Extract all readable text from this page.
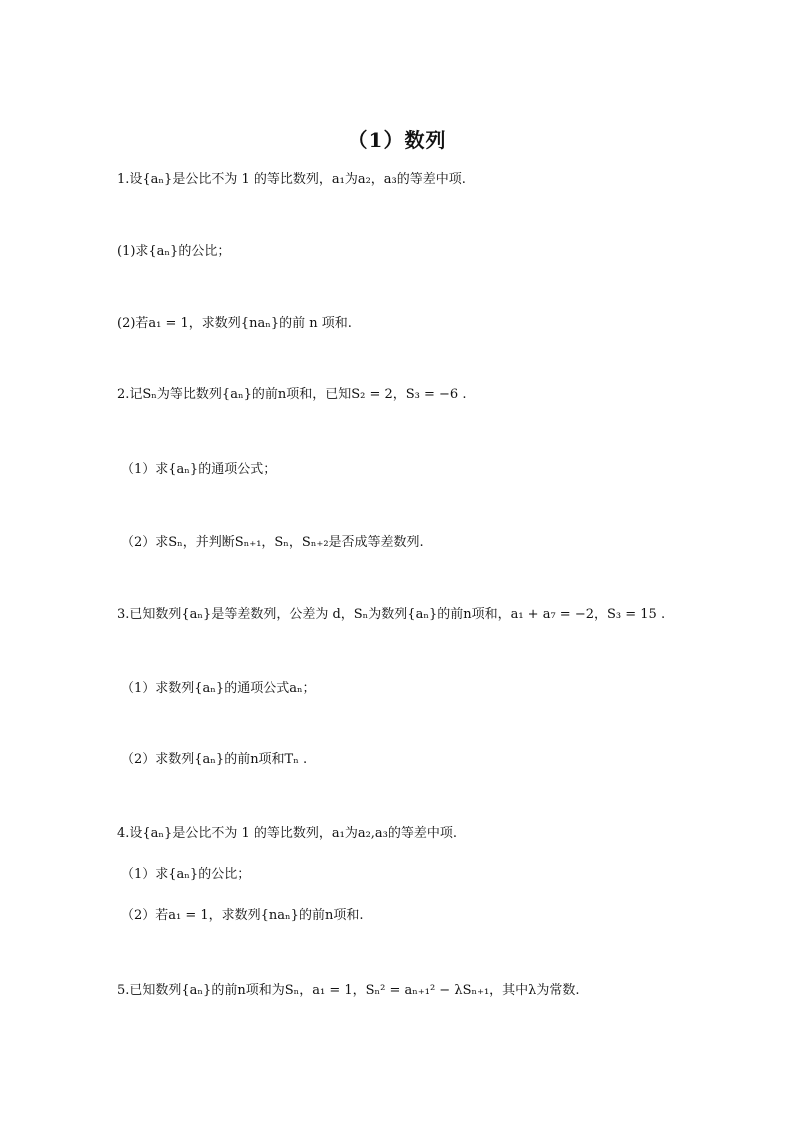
（1）数列
1.设{aₙ}是公比不为 1 的等比数列，a₁为a₂，a₃的等差中项.
(1)求{aₙ}的公比；
(2)若a₁ = 1，求数列{naₙ}的前 n 项和.
2.记Sₙ为等比数列{aₙ}的前n项和，已知S₂ = 2，S₃ = −6 .
（1）求{aₙ}的通项公式；
（2）求Sₙ，并判断Sₙ₊₁，Sₙ，Sₙ₊₂是否成等差数列.
3.已知数列{aₙ}是等差数列，公差为 d，Sₙ为数列{aₙ}的前n项和，a₁ + a₇ = −2，S₃ = 15 .
（1）求数列{aₙ}的通项公式aₙ；
（2）求数列{aₙ}的前n项和Tₙ .
4.设{aₙ}是公比不为 1 的等比数列，a₁为a₂,a₃的等差中项.
（1）求{aₙ}的公比；
（2）若a₁ = 1，求数列{naₙ}的前n项和.
5.已知数列{aₙ}的前n项和为Sₙ，a₁ = 1，Sₙ² = aₙ₊₁² − λSₙ₊₁，其中λ为常数.
